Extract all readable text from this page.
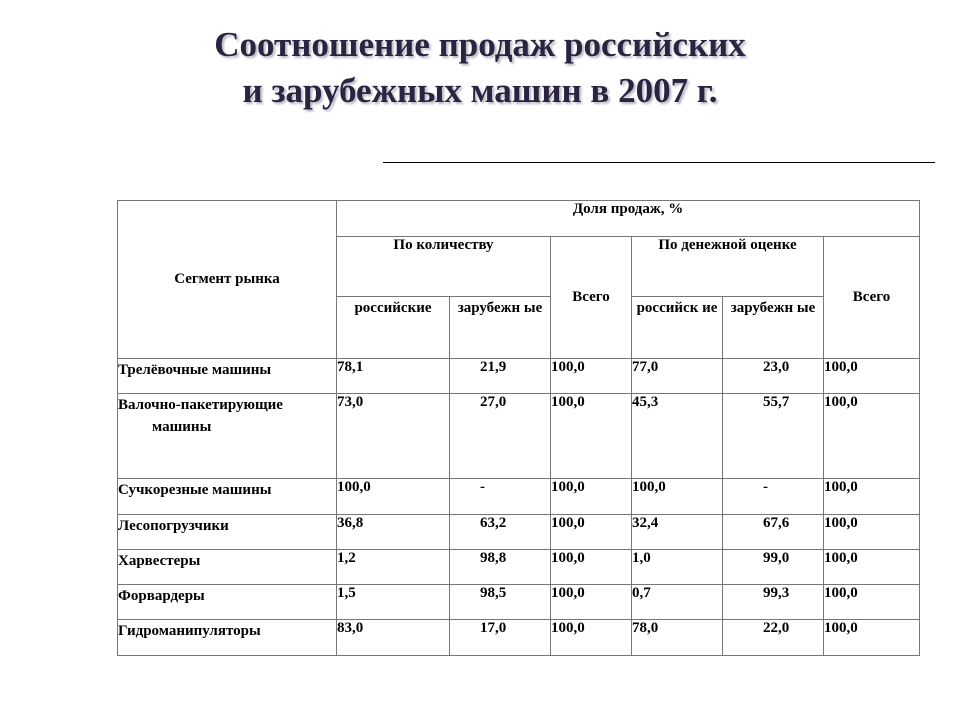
Соотношение продаж российских
и зарубежных машин в 2007 г.
Сегмент рынка	Доля продаж, %					
	По количеству		Всего	По денежной оценке		Всего
	российские	зарубежн ые		российск ие	зарубежн ые	
Трелёвочные машины	78,1	21,9	100,0	77,0	23,0	100,0

Валочно-пакетирующие
машины	73,0	27,0	100,0	45,3	55,7	100,0
Сучкорезные машины	100,0	-	100,0	100,0	-	100,0
Лесопогрузчики	36,8	63,2	100,0	32,4	67,6	100,0
Харвестеры	1,2	98,8	100,0	1,0	99,0	100,0
Форвардеры	1,5	98,5	100,0	0,7	99,3	100,0
Гидроманипуляторы	83,0	17,0	100,0	78,0	22,0	100,0
